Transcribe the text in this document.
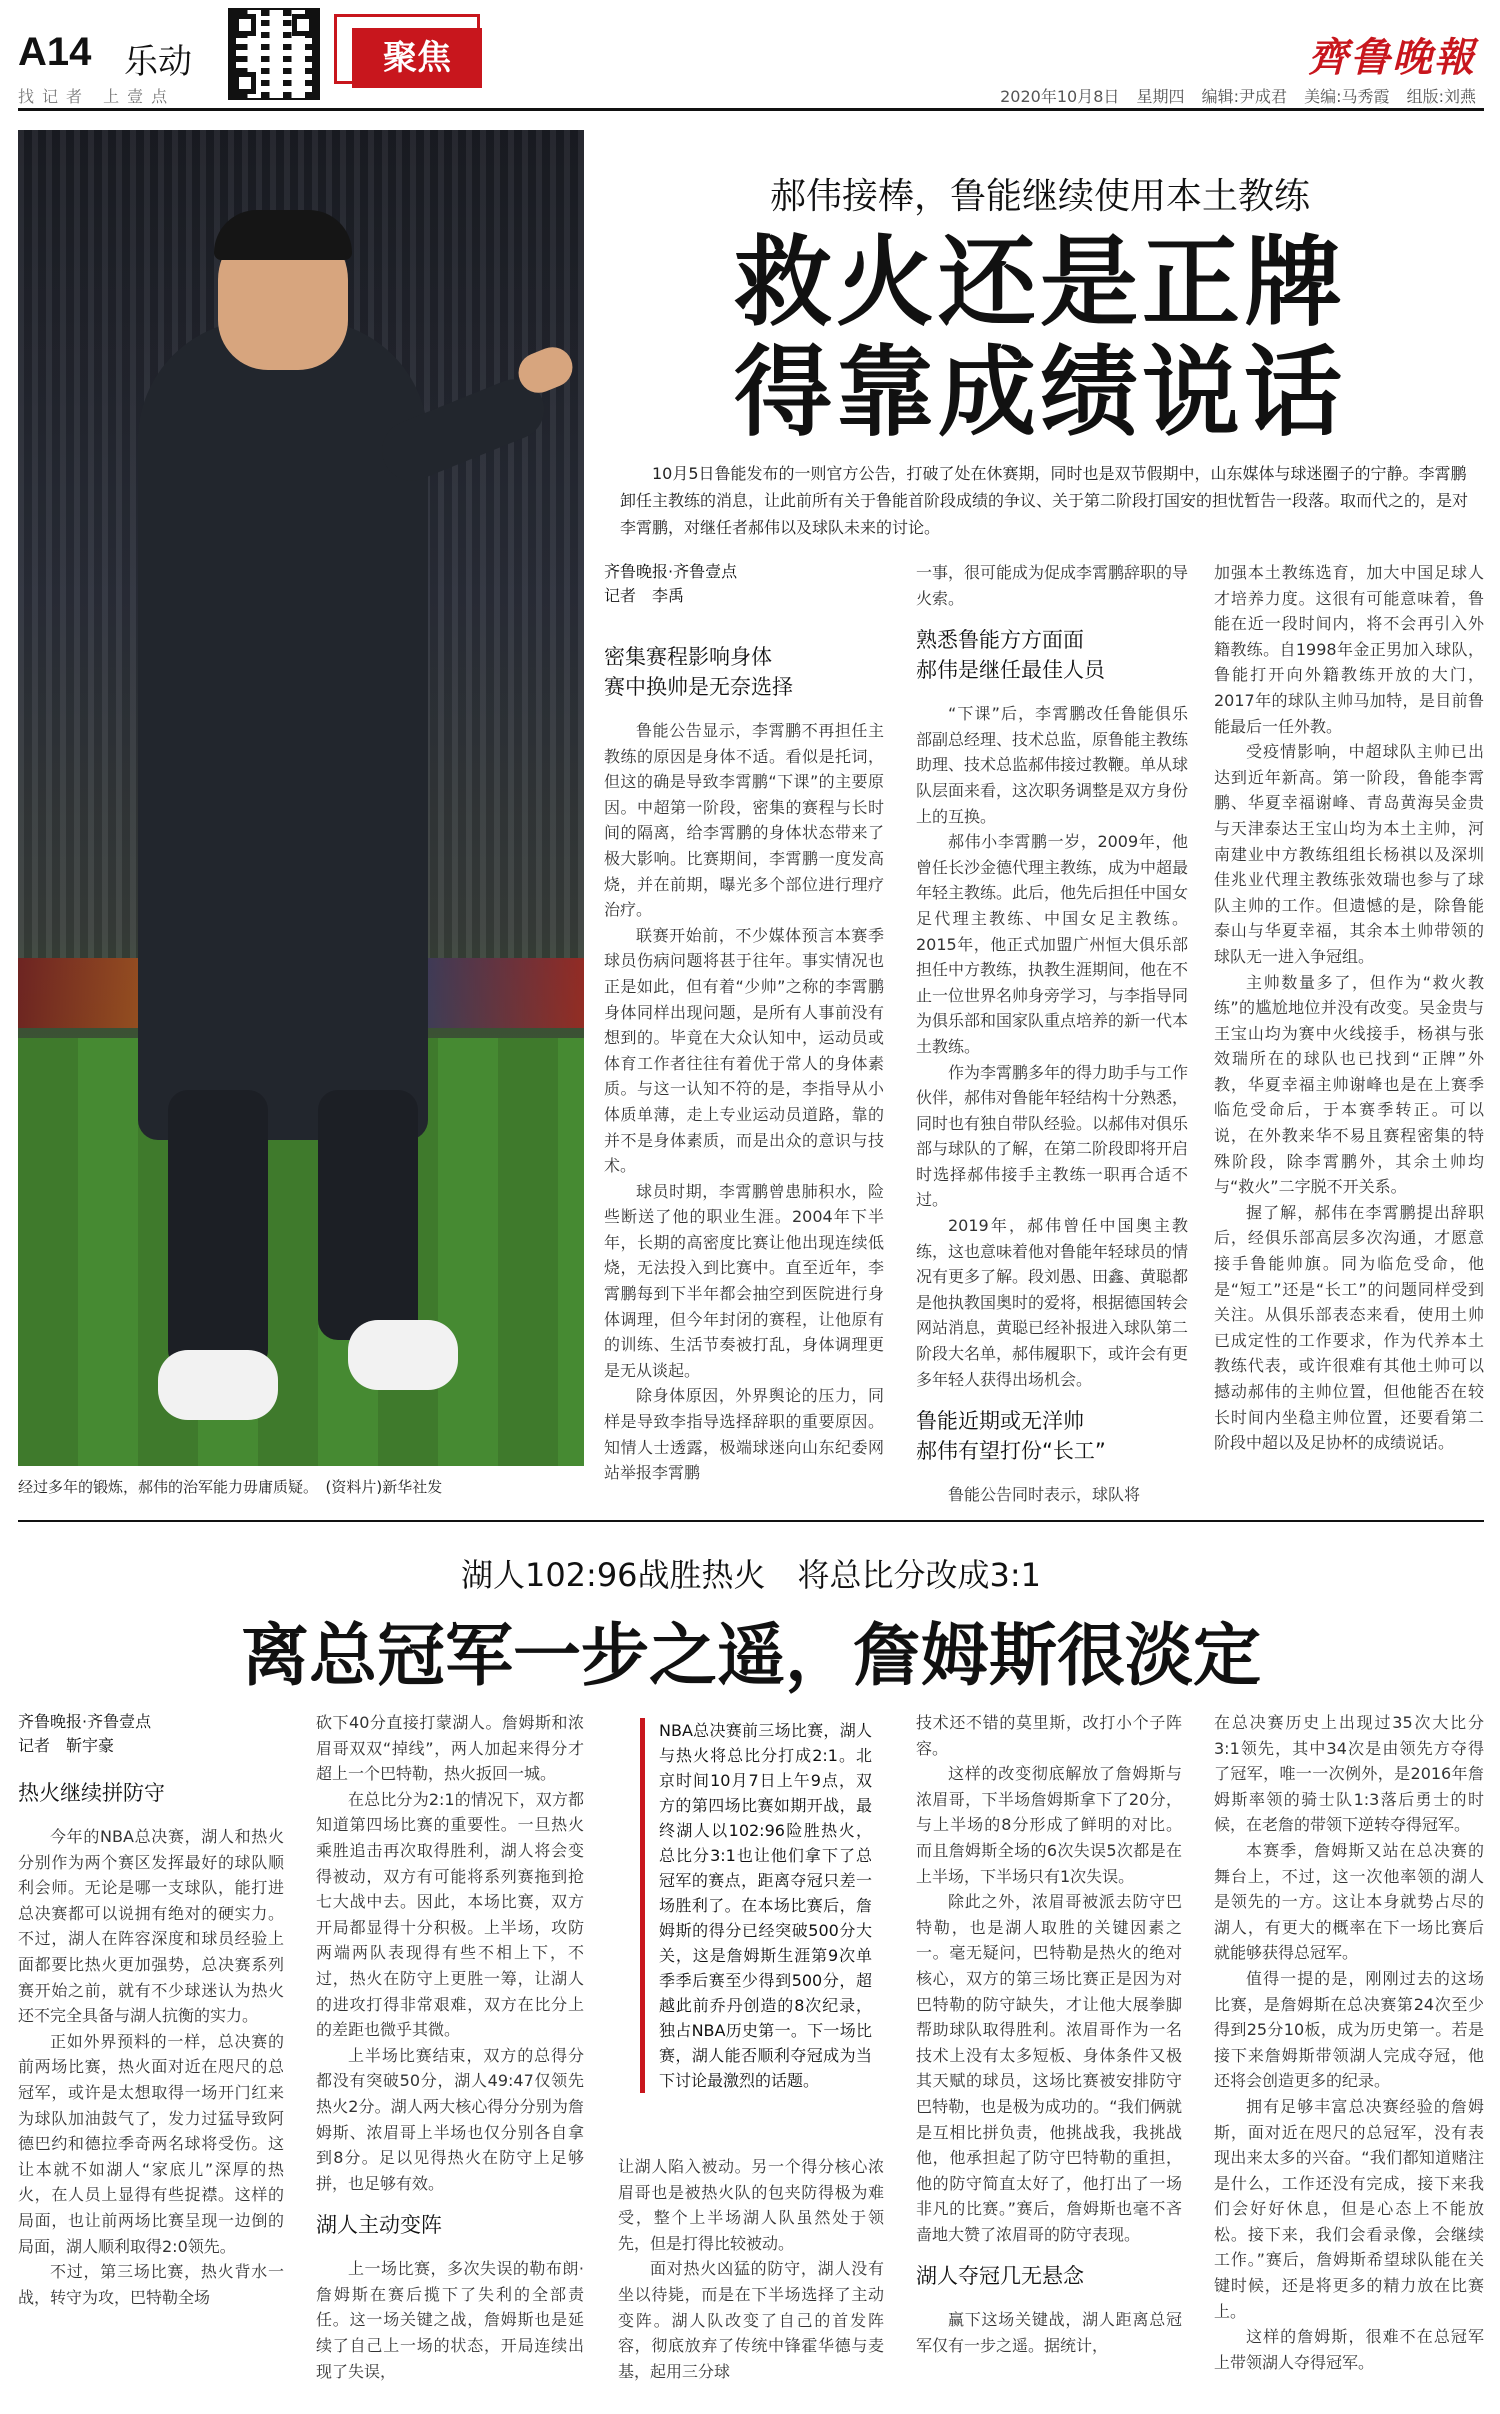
A14 乐动
找记者 上壹点
聚焦	齊鲁晚報
2020年10月8日 星期四 编辑:尹成君 美编:马秀霞 组版:刘燕
经过多年的锻炼，郝伟的治军能力毋庸质疑。　(资料片)新华社发
郝伟接棒，鲁能继续使用本土教练
救火还是正牌
得靠成绩说话
10月5日鲁能发布的一则官方公告，打破了处在休赛期，同时也是双节假期中，山东媒体与球迷圈子的宁静。李霄鹏卸任主教练的消息，让此前所有关于鲁能首阶段成绩的争议、关于第二阶段打国安的担忧暂告一段落。取而代之的，是对李霄鹏，对继任者郝伟以及球队未来的讨论。
齐鲁晚报·齐鲁壹点
记者　李禹
密集赛程影响身体
赛中换帅是无奈选择

鲁能公告显示，李霄鹏不再担任主教练的原因是身体不适。看似是托词，但这的确是导致李霄鹏“下课”的主要原因。中超第一阶段，密集的赛程与长时间的隔离，给李霄鹏的身体状态带来了极大影响。比赛期间，李霄鹏一度发高烧，并在前期，曝光多个部位进行理疗治疗。

联赛开始前，不少媒体预言本赛季球员伤病问题将甚于往年。事实情况也正是如此，但有着“少帅”之称的李霄鹏身体同样出现问题，是所有人事前没有想到的。毕竟在大众认知中，运动员或体育工作者往往有着优于常人的身体素质。与这一认知不符的是，李指导从小体质单薄，走上专业运动员道路，靠的并不是身体素质，而是出众的意识与技术。

球员时期，李霄鹏曾患肺积水，险些断送了他的职业生涯。2004年下半年，长期的高密度比赛让他出现连续低烧，无法投入到比赛中。直至近年，李霄鹏每到下半年都会抽空到医院进行身体调理，但今年封闭的赛程，让他原有的训练、生活节奏被打乱，身体调理更是无从谈起。

除身体原因，外界舆论的压力，同样是导致李指导选择辞职的重要原因。知情人士透露，极端球迷向山东纪委网站举报李霄鹏

一事，很可能成为促成李霄鹏辞职的导火索。

熟悉鲁能方方面面
郝伟是继任最佳人员

“下课”后，李霄鹏改任鲁能俱乐部副总经理、技术总监，原鲁能主教练助理、技术总监郝伟接过教鞭。单从球队层面来看，这次职务调整是双方身份上的互换。

郝伟小李霄鹏一岁，2009年，他曾任长沙金德代理主教练，成为中超最年轻主教练。此后，他先后担任中国女足代理主教练、中国女足主教练。2015年，他正式加盟广州恒大俱乐部担任中方教练，执教生涯期间，他在不止一位世界名帅身旁学习，与李指导同为俱乐部和国家队重点培养的新一代本土教练。

作为李霄鹏多年的得力助手与工作伙伴，郝伟对鲁能年轻结构十分熟悉，同时也有独自带队经验。以郝伟对俱乐部与球队的了解，在第二阶段即将开启时选择郝伟接手主教练一职再合适不过。

2019年，郝伟曾任中国奥主教练，这也意味着他对鲁能年轻球员的情况有更多了解。段刘愚、田鑫、黄聪都是他执教国奥时的爱将，根据德国转会网站消息，黄聪已经补报进入球队第二阶段大名单，郝伟履职下，或许会有更多年轻人获得出场机会。

鲁能近期或无洋帅
郝伟有望打份“长工”

鲁能公告同时表示，球队将

加强本土教练选育，加大中国足球人才培养力度。这很有可能意味着，鲁能在近一段时间内，将不会再引入外籍教练。自1998年金正男加入球队，鲁能打开向外籍教练开放的大门，2017年的球队主帅马加特，是目前鲁能最后一任外教。

受疫情影响，中超球队主帅已出达到近年新高。第一阶段，鲁能李霄鹏、华夏幸福谢峰、青岛黄海吴金贵与天津泰达王宝山均为本土主帅，河南建业中方教练组组长杨祺以及深圳佳兆业代理主教练张效瑞也参与了球队主帅的工作。但遗憾的是，除鲁能泰山与华夏幸福，其余本土帅带领的球队无一进入争冠组。

主帅数量多了，但作为“救火教练”的尴尬地位并没有改变。吴金贵与王宝山均为赛中火线接手，杨祺与张效瑞所在的球队也已找到“正牌”外教，华夏幸福主帅谢峰也是在上赛季临危受命后，于本赛季转正。可以说，在外教来华不易且赛程密集的特殊阶段，除李霄鹏外，其余土帅均与“救火”二字脱不开关系。

握了解，郝伟在李霄鹏提出辞职后，经俱乐部高层多次沟通，才愿意接手鲁能帅旗。同为临危受命，他是“短工”还是“长工”的问题同样受到关注。从俱乐部表态来看，使用土帅已成定性的工作要求，作为代养本土教练代表，或许很难有其他土帅可以撼动郝伟的主帅位置，但他能否在较长时间内坐稳主帅位置，还要看第二阶段中超以及足协杯的成绩说话。

湖人102:96战胜热火　将总比分改成3:1
离总冠军一步之遥，詹姆斯很淡定
齐鲁晚报·齐鲁壹点
记者　靳宇豪
热火继续拼防守

今年的NBA总决赛，湖人和热火分别作为两个赛区发挥最好的球队顺利会师。无论是哪一支球队，能打进总决赛都可以说拥有绝对的硬实力。不过，湖人在阵容深度和球员经验上面都要比热火更加强势，总决赛系列赛开始之前，就有不少球迷认为热火还不完全具备与湖人抗衡的实力。

正如外界预料的一样，总决赛的前两场比赛，热火面对近在咫尺的总冠军，或许是太想取得一场开门红来为球队加油鼓气了，发力过猛导致阿德巴约和德拉季奇两名球将受伤。这让本就不如湖人“家底儿”深厚的热火，在人员上显得有些捉襟。这样的局面，也让前两场比赛呈现一边倒的局面，湖人顺利取得2:0领先。

不过，第三场比赛，热火背水一战，转守为攻，巴特勒全场

砍下40分直接打蒙湖人。詹姆斯和浓眉哥双双“掉线”，两人加起来得分才超上一个巴特勒，热火扳回一城。

在总比分为2:1的情况下，双方都知道第四场比赛的重要性。一旦热火乘胜追击再次取得胜利，湖人将会变得被动，双方有可能将系列赛拖到抢七大战中去。因此，本场比赛，双方开局都显得十分积极。上半场，攻防两端两队表现得有些不相上下，不过，热火在防守上更胜一筹，让湖人的进攻打得非常艰难，双方在比分上的差距也微乎其微。

上半场比赛结束，双方的总得分都没有突破50分，湖人49:47仅领先热火2分。湖人两大核心得分分别为詹姆斯、浓眉哥上半场也仅分别各自拿到8分。足以见得热火在防守上足够拼，也足够有效。

湖人主动变阵

上一场比赛，多次失误的勒布朗·詹姆斯在赛后揽下了失利的全部责任。这一场关键之战，詹姆斯也是延续了自己上一场的状态，开局连续出现了失误，

NBA总决赛前三场比赛，湖人与热火将总比分打成2:1。北京时间10月7日上午9点，双方的第四场比赛如期开战，最终湖人以102:96险胜热火，总比分3:1也让他们拿下了总冠军的赛点，距离夺冠只差一场胜利了。在本场比赛后，詹姆斯的得分已经突破500分大关，这是詹姆斯生涯第9次单季季后赛至少得到500分，超越此前乔丹创造的8次纪录，独占NBA历史第一。下一场比赛，湖人能否顺利夺冠成为当下讨论最激烈的话题。

让湖人陷入被动。另一个得分核心浓眉哥也是被热火队的包夹防得极为难受，整个上半场湖人队虽然处于领先，但是打得比较被动。

面对热火凶猛的防守，湖人没有坐以待毙，而是在下半场选择了主动变阵。湖人队改变了自己的首发阵容，彻底放弃了传统中锋霍华德与麦基，起用三分球

技术还不错的莫里斯，改打小个子阵容。

这样的改变彻底解放了詹姆斯与浓眉哥，下半场詹姆斯拿下了20分，与上半场的8分形成了鲜明的对比。而且詹姆斯全场的6次失误5次都是在上半场，下半场只有1次失误。

除此之外，浓眉哥被派去防守巴特勒，也是湖人取胜的关键因素之一。毫无疑问，巴特勒是热火的绝对核心，双方的第三场比赛正是因为对巴特勒的防守缺失，才让他大展拳脚帮助球队取得胜利。浓眉哥作为一名技术上没有太多短板、身体条件又极其天赋的球员，这场比赛被安排防守巴特勒，也是极为成功的。“我们俩就是互相比拼负责，他挑战我，我挑战他，他承担起了防守巴特勒的重担，他的防守简直太好了，他打出了一场非凡的比赛。”赛后，詹姆斯也毫不吝啬地大赞了浓眉哥的防守表现。

湖人夺冠几无悬念

赢下这场关键战，湖人距离总冠军仅有一步之遥。据统计，

在总决赛历史上出现过35次大比分3:1领先，其中34次是由领先方夺得了冠军，唯一一次例外，是2016年詹姆斯率领的骑士队1:3落后勇士的时候，在老詹的带领下逆转夺得冠军。

本赛季，詹姆斯又站在总决赛的舞台上，不过，这一次他率领的湖人是领先的一方。这让本身就势占尽的湖人，有更大的概率在下一场比赛后就能够获得总冠军。

值得一提的是，刚刚过去的这场比赛，是詹姆斯在总决赛第24次至少得到25分10板，成为历史第一。若是接下来詹姆斯带领湖人完成夺冠，他还将会创造更多的纪录。

拥有足够丰富总决赛经验的詹姆斯，面对近在咫尺的总冠军，没有表现出来太多的兴奋。“我们都知道赌注是什么，工作还没有完成，接下来我们会好好休息，但是心态上不能放松。接下来，我们会看录像，会继续工作。”赛后，詹姆斯希望球队能在关键时候，还是将更多的精力放在比赛上。

这样的詹姆斯，很难不在总冠军上带领湖人夺得冠军。
